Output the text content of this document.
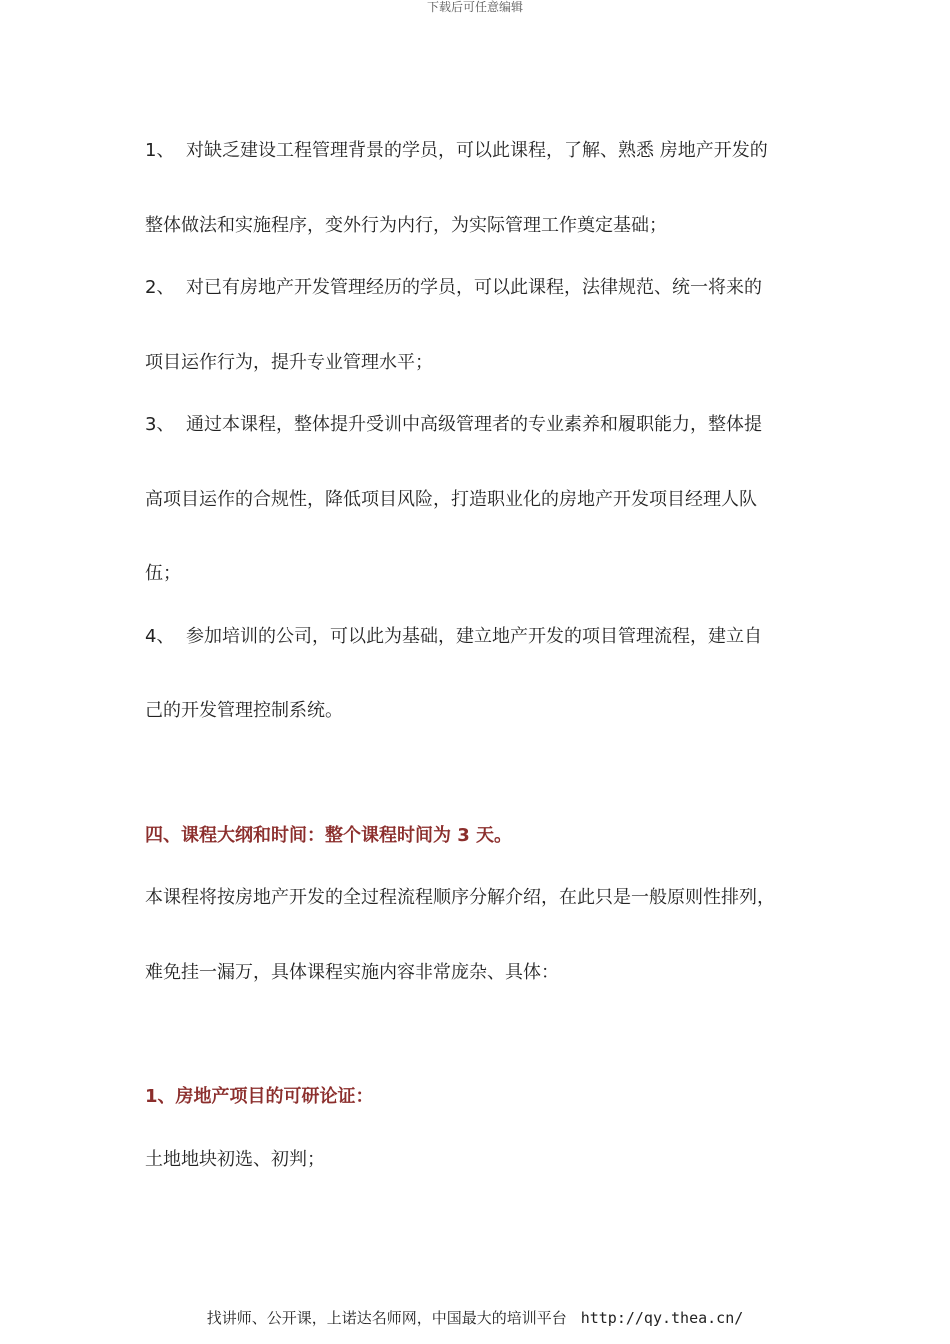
下载后可任意编辑
1、 对缺乏建设工程管理背景的学员，可以此课程，了解、熟悉 房地产开发的
整体做法和实施程序，变外行为内行，为实际管理工作奠定基础；
2、 对已有房地产开发管理经历的学员，可以此课程，法律规范、统一将来的
项目运作行为，提升专业管理水平；
3、 通过本课程，整体提升受训中高级管理者的专业素养和履职能力，整体提
高项目运作的合规性，降低项目风险，打造职业化的房地产开发项目经理人队
伍；
4、 参加培训的公司，可以此为基础，建立地产开发的项目管理流程，建立自
己的开发管理控制系统。
四、课程大纲和时间：整个课程时间为 3 天。
本课程将按房地产开发的全过程流程顺序分解介绍，在此只是一般原则性排列，
难免挂一漏万，具体课程实施内容非常庞杂、具体：
1、房地产项目的可研论证：
土地地块初选、初判；
找讲师、公开课，上诺达名师网，中国最大的培训平台 http://qy.thea.cn/
